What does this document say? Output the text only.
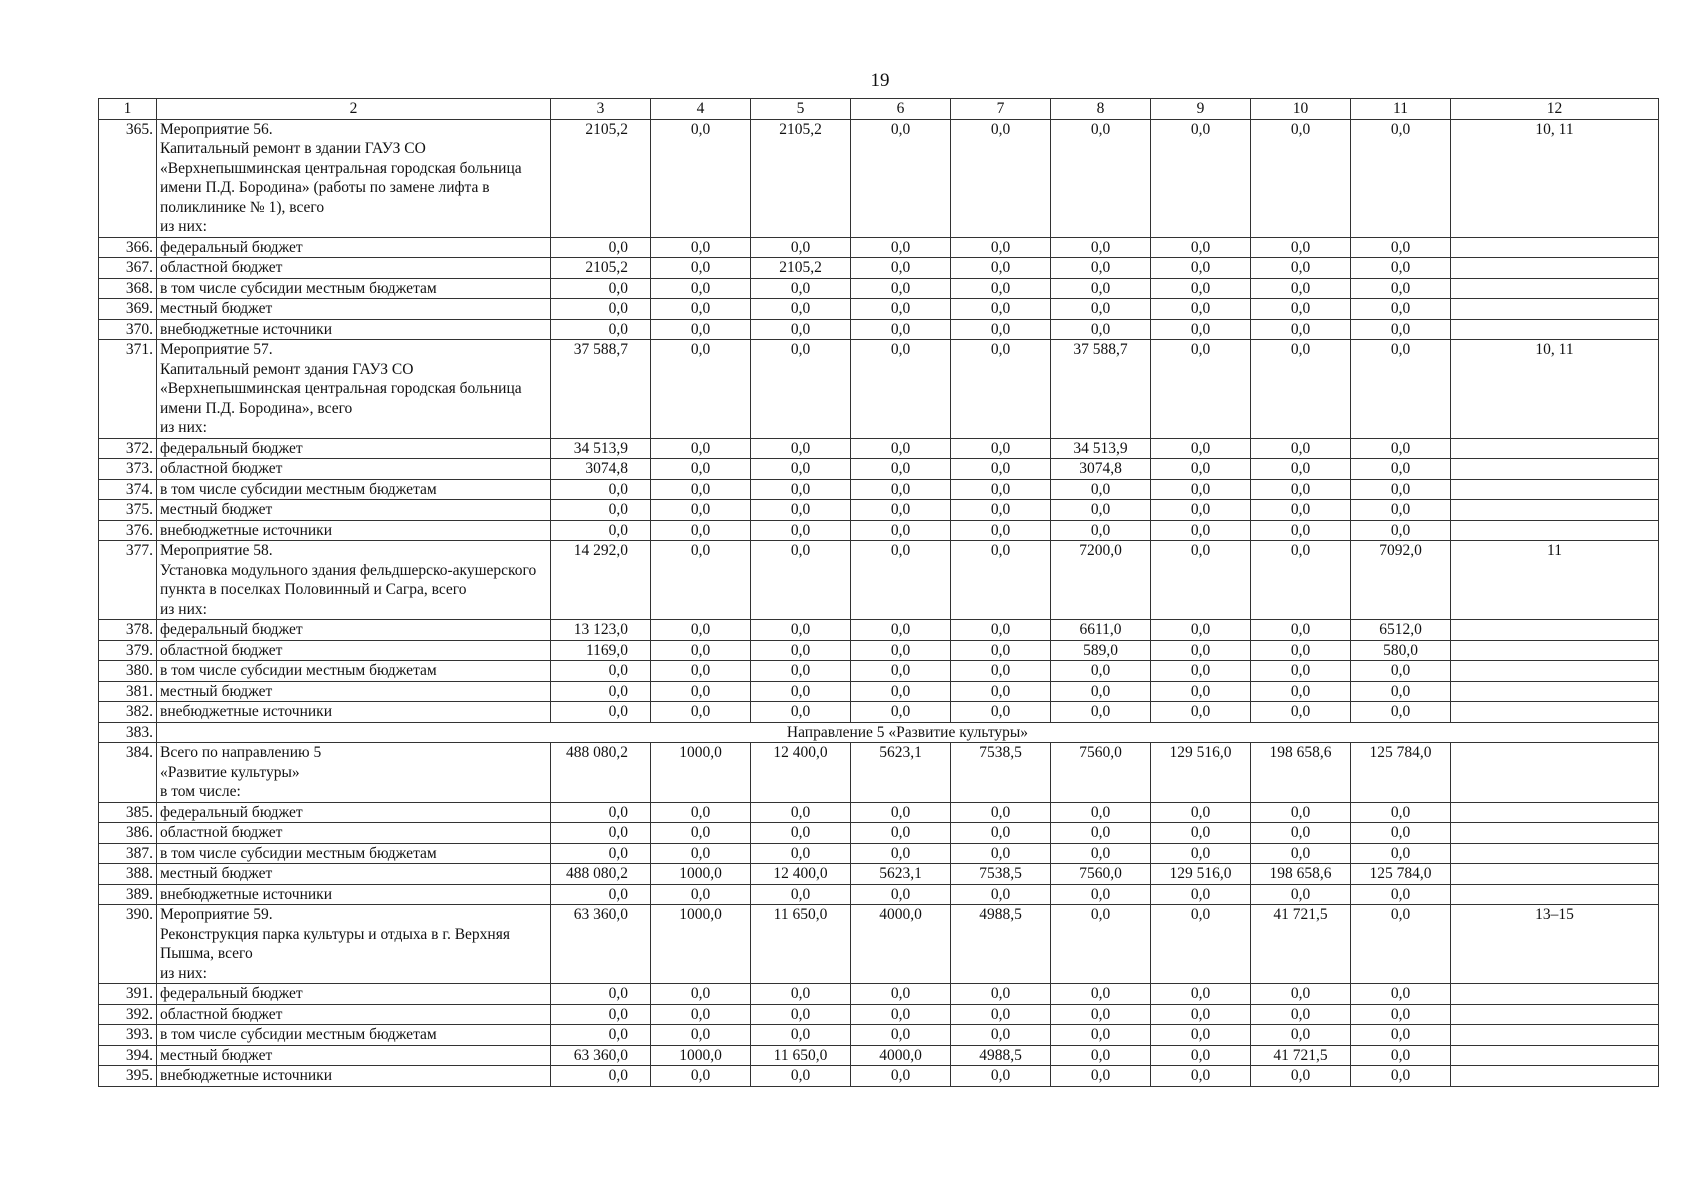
19
1	2	3	4	5	6	7	8	9	10	11	12
365.	Мероприятие 56.
Капитальный ремонт в здании ГАУЗ СО «Верхнепышминская центральная городская больница имени П.Д. Бородина» (работы по замене лифта в поликлинике № 1), всего
из них:	2105,2	0,0	2105,2	0,0	0,0	0,0	0,0	0,0	0,0	10, 11
366.	федеральный бюджет	0,0	0,0	0,0	0,0	0,0	0,0	0,0	0,0	0,0	
367.	областной бюджет	2105,2	0,0	2105,2	0,0	0,0	0,0	0,0	0,0	0,0	
368.	в том числе субсидии местным бюджетам	0,0	0,0	0,0	0,0	0,0	0,0	0,0	0,0	0,0	
369.	местный бюджет	0,0	0,0	0,0	0,0	0,0	0,0	0,0	0,0	0,0	
370.	внебюджетные источники	0,0	0,0	0,0	0,0	0,0	0,0	0,0	0,0	0,0	
371.	Мероприятие 57.
Капитальный ремонт здания ГАУЗ СО «Верхнепышминская центральная городская больница имени П.Д. Бородина», всего
из них:	37 588,7	0,0	0,0	0,0	0,0	37 588,7	0,0	0,0	0,0	10, 11
372.	федеральный бюджет	34 513,9	0,0	0,0	0,0	0,0	34 513,9	0,0	0,0	0,0	
373.	областной бюджет	3074,8	0,0	0,0	0,0	0,0	3074,8	0,0	0,0	0,0	
374.	в том числе субсидии местным бюджетам	0,0	0,0	0,0	0,0	0,0	0,0	0,0	0,0	0,0	
375.	местный бюджет	0,0	0,0	0,0	0,0	0,0	0,0	0,0	0,0	0,0	
376.	внебюджетные источники	0,0	0,0	0,0	0,0	0,0	0,0	0,0	0,0	0,0	
377.	Мероприятие 58.
Установка модульного здания фельдшерско-акушерского пункта в поселках Половинный и Сагра, всего
из них:	14 292,0	0,0	0,0	0,0	0,0	7200,0	0,0	0,0	7092,0	11
378.	федеральный бюджет	13 123,0	0,0	0,0	0,0	0,0	6611,0	0,0	0,0	6512,0	
379.	областной бюджет	1169,0	0,0	0,0	0,0	0,0	589,0	0,0	0,0	580,0	
380.	в том числе субсидии местным бюджетам	0,0	0,0	0,0	0,0	0,0	0,0	0,0	0,0	0,0	
381.	местный бюджет	0,0	0,0	0,0	0,0	0,0	0,0	0,0	0,0	0,0	
382.	внебюджетные источники	0,0	0,0	0,0	0,0	0,0	0,0	0,0	0,0	0,0	
383.	Направление 5 «Развитие культуры»										
384.	Всего по направлению 5
«Развитие культуры»
в том числе:	488 080,2	1000,0	12 400,0	5623,1	7538,5	7560,0	129 516,0	198 658,6	125 784,0	
385.	федеральный бюджет	0,0	0,0	0,0	0,0	0,0	0,0	0,0	0,0	0,0	
386.	областной бюджет	0,0	0,0	0,0	0,0	0,0	0,0	0,0	0,0	0,0	
387.	в том числе субсидии местным бюджетам	0,0	0,0	0,0	0,0	0,0	0,0	0,0	0,0	0,0	
388.	местный бюджет	488 080,2	1000,0	12 400,0	5623,1	7538,5	7560,0	129 516,0	198 658,6	125 784,0	
389.	внебюджетные источники	0,0	0,0	0,0	0,0	0,0	0,0	0,0	0,0	0,0	
390.	Мероприятие 59.
Реконструкция парка культуры и отдыха в г. Верхняя Пышма, всего
из них:	63 360,0	1000,0	11 650,0	4000,0	4988,5	0,0	0,0	41 721,5	0,0	13–15
391.	федеральный бюджет	0,0	0,0	0,0	0,0	0,0	0,0	0,0	0,0	0,0	
392.	областной бюджет	0,0	0,0	0,0	0,0	0,0	0,0	0,0	0,0	0,0	
393.	в том числе субсидии местным бюджетам	0,0	0,0	0,0	0,0	0,0	0,0	0,0	0,0	0,0	
394.	местный бюджет	63 360,0	1000,0	11 650,0	4000,0	4988,5	0,0	0,0	41 721,5	0,0	
395.	внебюджетные источники	0,0	0,0	0,0	0,0	0,0	0,0	0,0	0,0	0,0	
